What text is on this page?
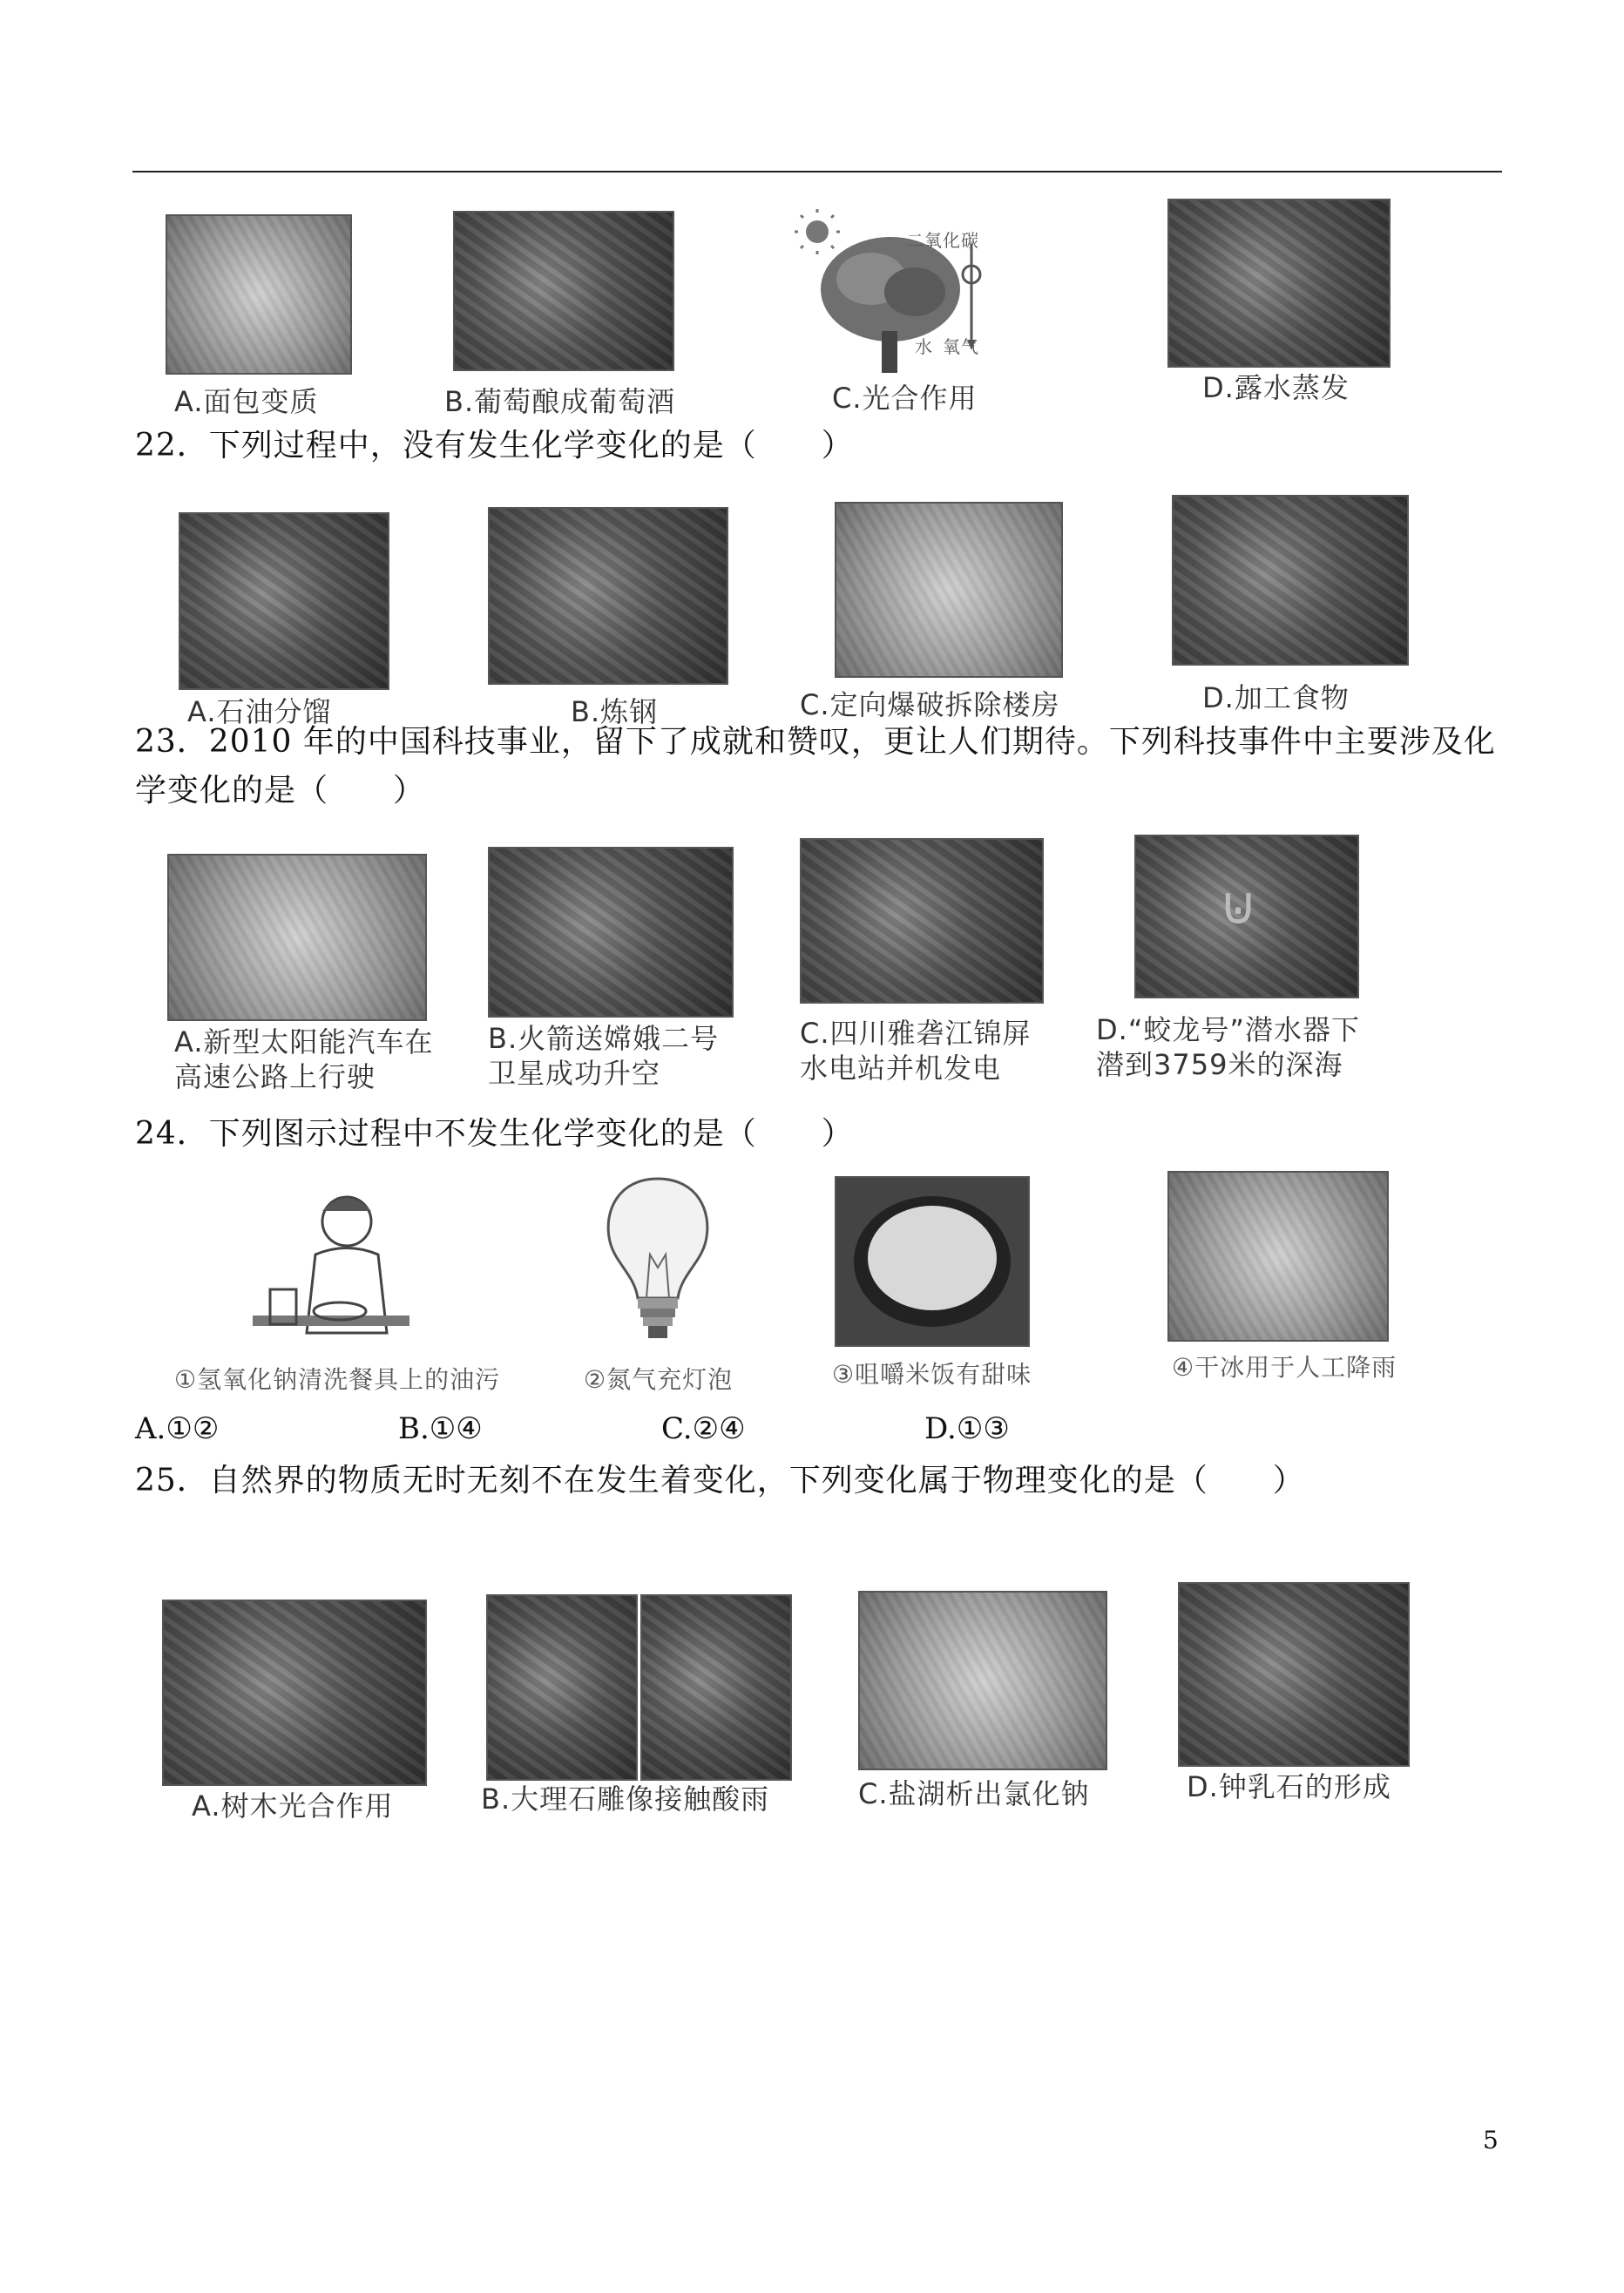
A.面包变质	B.葡萄酿成葡萄酒
二氧化碳
水 氧气
C.光合作用	D.露水蒸发
22．下列过程中，没有发生化学变化的是（　　）
A.石油分馏	B.炼钢	C.定向爆破拆除楼房	D.加工食物
23．2010 年的中国科技事业，留下了成就和赞叹，更让人们期待。下列科技事件中主要涉及化
学变化的是（　　）
A.新型太阳能汽车在
高速公路上行驶
B.火箭送嫦娥二号
卫星成功升空
C.四川雅砻江锦屏
水电站并机发电
⊍
D.“蛟龙号”潜水器下
潜到3759米的深海
24．下列图示过程中不发生化学变化的是（　　）
①氢氧化钠清洗餐具上的油污	②氮气充灯泡	③咀嚼米饭有甜味	④干冰用于人工降雨
A.①②	B.①④	C.②④	D.①③
25．自然界的物质无时无刻不在发生着变化，下列变化属于物理变化的是（　　）
A.树木光合作用	B.大理石雕像接触酸雨	C.盐湖析出氯化钠	D.钟乳石的形成
5
